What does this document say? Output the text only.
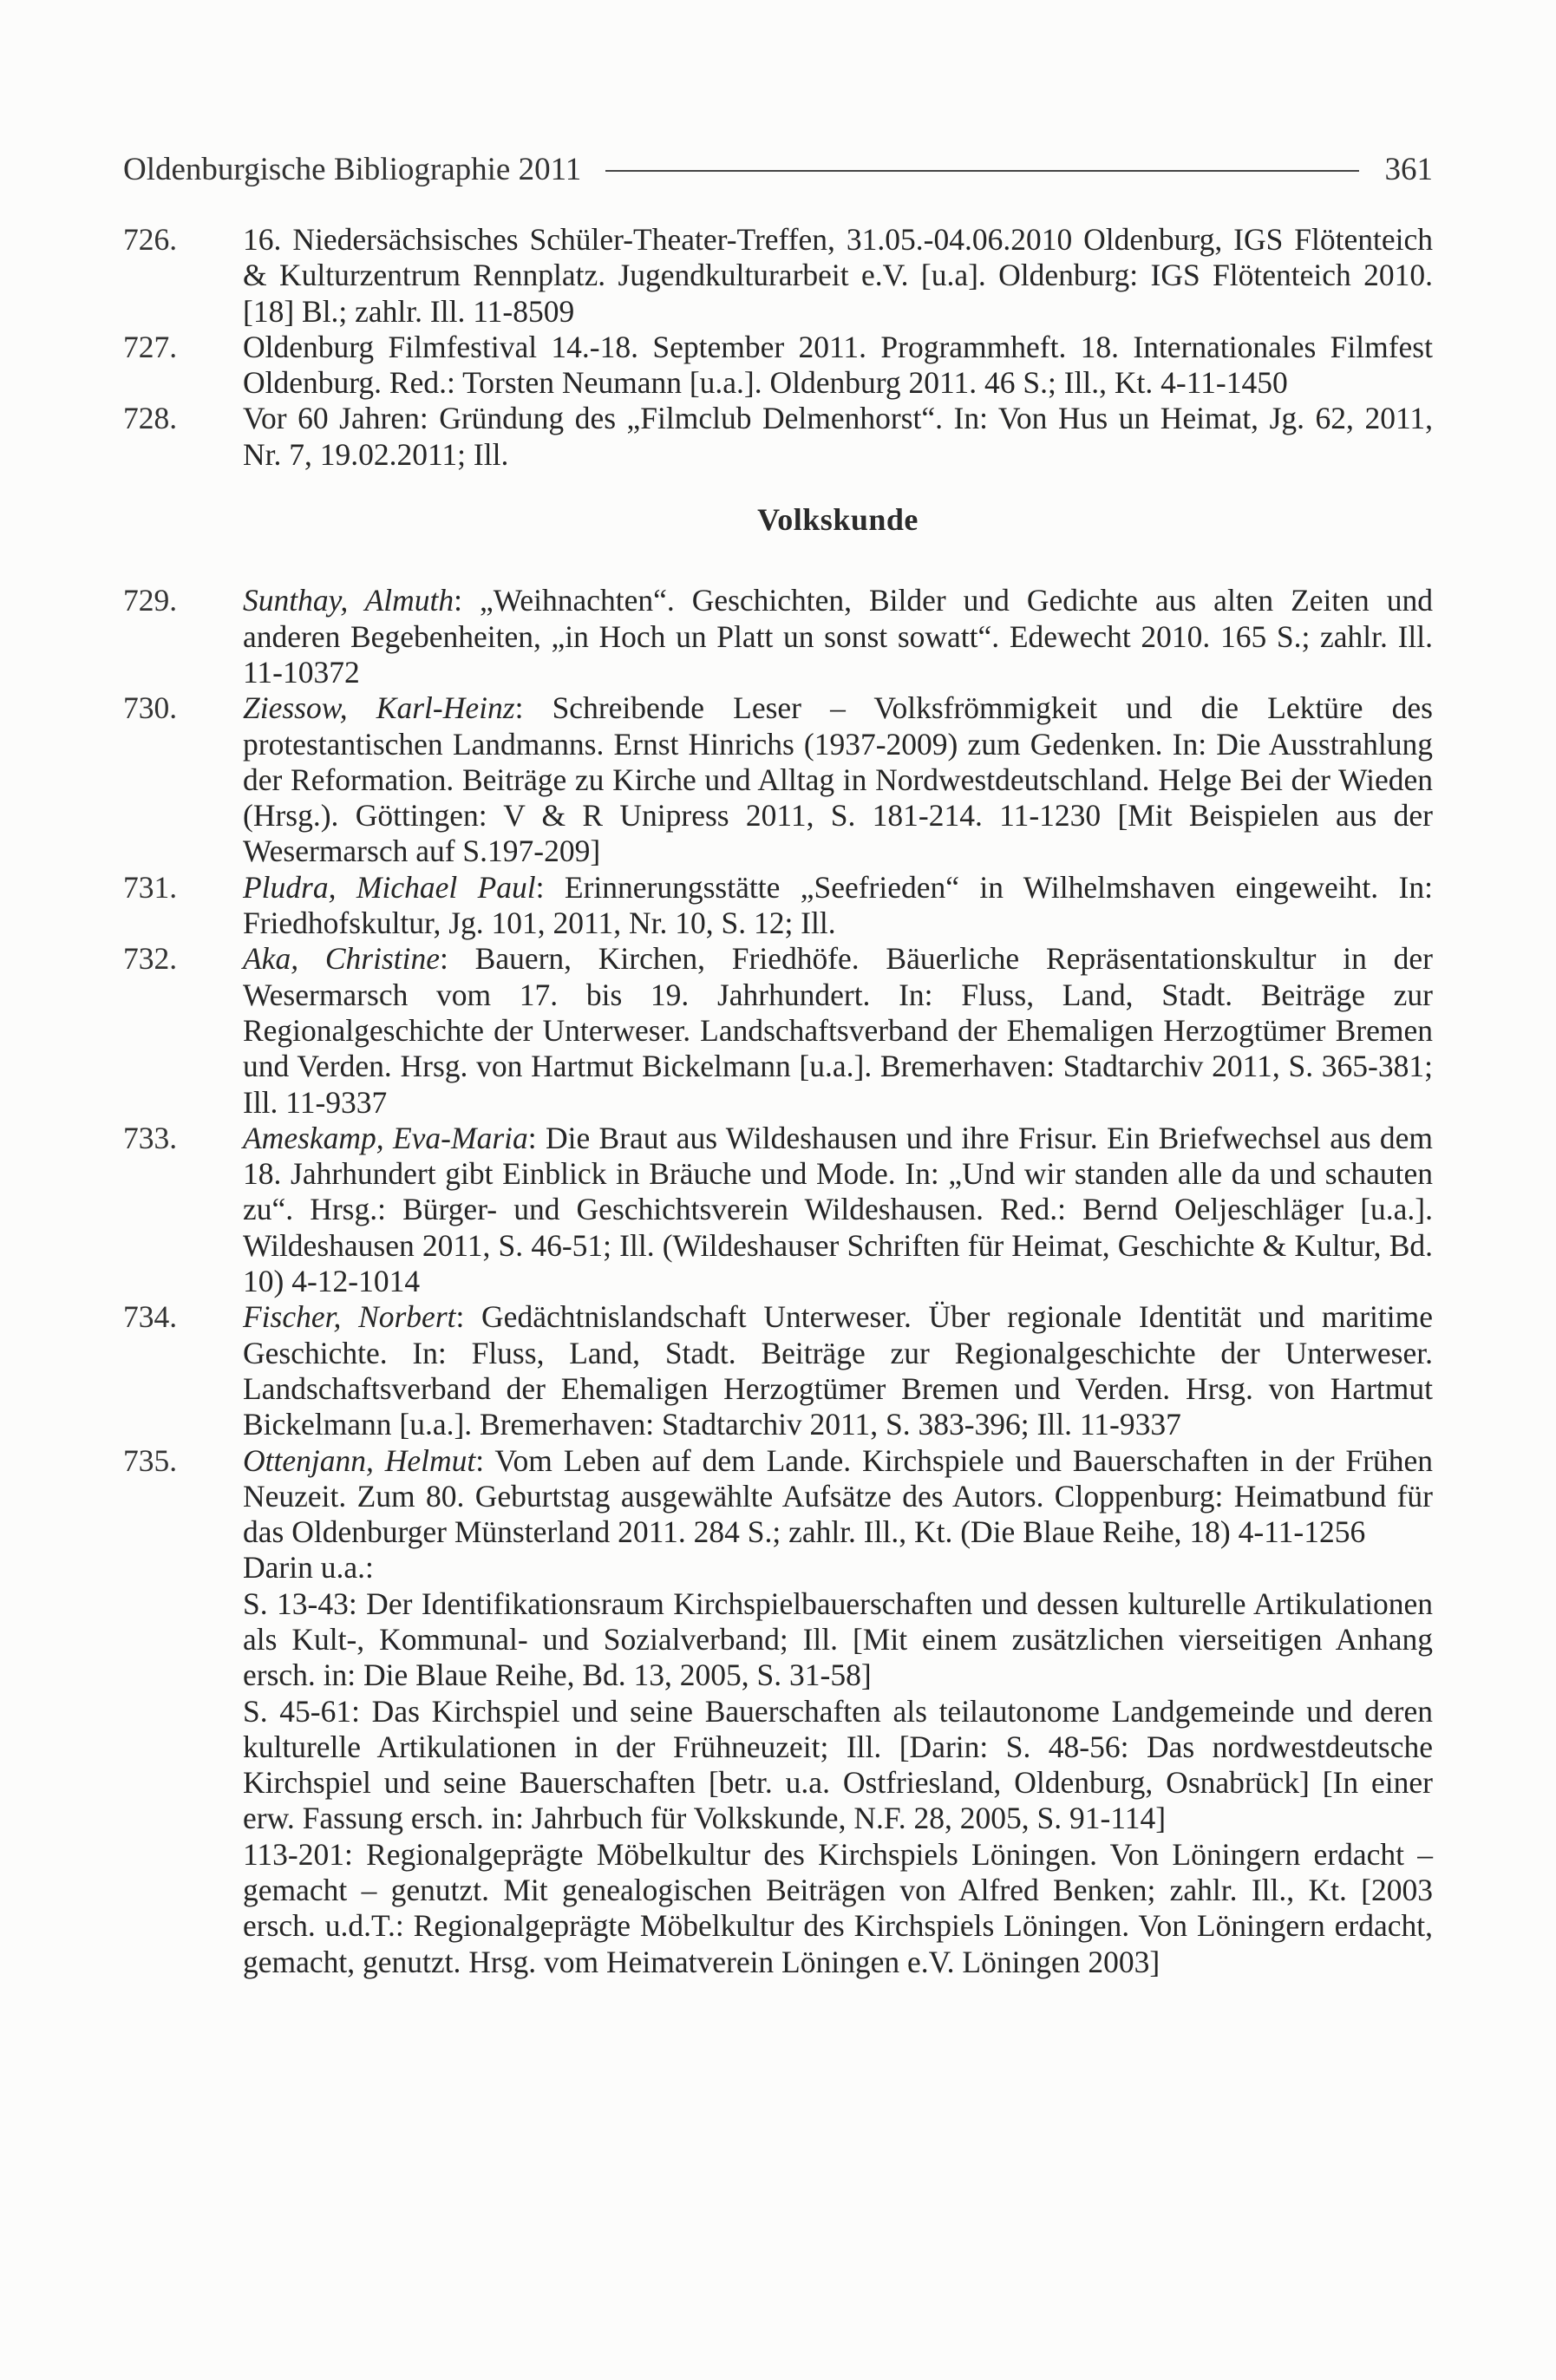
Oldenburgische Bibliographie 2011	361
726.	16. Niedersächsisches Schüler-Theater-Treffen, 31.05.-04.06.2010 Oldenburg, IGS Flötenteich & Kulturzentrum Rennplatz. Jugendkulturarbeit e.V. [u.a]. Oldenburg: IGS Flötenteich 2010. [18] Bl.; zahlr. Ill. 11-8509
727.	Oldenburg Filmfestival 14.-18. September 2011. Programmheft. 18. Internationales Filmfest Oldenburg. Red.: Torsten Neumann [u.a.]. Oldenburg 2011. 46 S.; Ill., Kt. 4-11-1450
728.	Vor 60 Jahren: Gründung des „Filmclub Delmenhorst“. In: Von Hus un Heimat, Jg. 62, 2011, Nr. 7, 19.02.2011; Ill.
Volkskunde
729.	Sunthay, Almuth: „Weihnachten“. Geschichten, Bilder und Gedichte aus alten Zeiten und anderen Begebenheiten, „in Hoch un Platt un sonst sowatt“. Edewecht 2010. 165 S.; zahlr. Ill. 11-10372
730.	Ziessow, Karl-Heinz: Schreibende Leser – Volksfrömmigkeit und die Lektüre des protestantischen Landmanns. Ernst Hinrichs (1937-2009) zum Gedenken. In: Die Ausstrahlung der Reformation. Beiträge zu Kirche und Alltag in Nordwestdeutschland. Helge Bei der Wieden (Hrsg.). Göttingen: V & R Unipress 2011, S. 181-214. 11-1230 [Mit Beispielen aus der Wesermarsch auf S.197-209]
731.	Pludra, Michael Paul: Erinnerungsstätte „Seefrieden“ in Wilhelmshaven eingeweiht. In: Friedhofskultur, Jg. 101, 2011, Nr. 10, S. 12; Ill.
732.	Aka, Christine: Bauern, Kirchen, Friedhöfe. Bäuerliche Repräsentationskultur in der Wesermarsch vom 17. bis 19. Jahrhundert. In: Fluss, Land, Stadt. Beiträge zur Regionalgeschichte der Unterweser. Landschaftsverband der Ehemaligen Herzogtümer Bremen und Verden. Hrsg. von Hartmut Bickelmann [u.a.]. Bremerhaven: Stadtarchiv 2011, S. 365-381; Ill. 11-9337
733.	Ameskamp, Eva-Maria: Die Braut aus Wildeshausen und ihre Frisur. Ein Briefwechsel aus dem 18. Jahrhundert gibt Einblick in Bräuche und Mode. In: „Und wir standen alle da und schauten zu“. Hrsg.: Bürger- und Geschichtsverein Wildeshausen. Red.: Bernd Oeljeschläger [u.a.]. Wildeshausen 2011, S. 46-51; Ill. (Wildeshauser Schriften für Heimat, Geschichte & Kultur, Bd. 10) 4-12-1014
734.	Fischer, Norbert: Gedächtnislandschaft Unterweser. Über regionale Identität und maritime Geschichte. In: Fluss, Land, Stadt. Beiträge zur Regionalgeschichte der Unterweser. Landschaftsverband der Ehemaligen Herzogtümer Bremen und Verden. Hrsg. von Hartmut Bickelmann [u.a.]. Bremerhaven: Stadtarchiv 2011, S. 383-396; Ill. 11-9337
735.	Ottenjann, Helmut: Vom Leben auf dem Lande. Kirchspiele und Bauerschaften in der Frühen Neuzeit. Zum 80. Geburtstag ausgewählte Aufsätze des Autors. Cloppenburg: Heimatbund für das Oldenburger Münsterland 2011. 284 S.; zahlr. Ill., Kt. (Die Blaue Reihe, 18) 4-11-1256
Darin u.a.:
S. 13-43: Der Identifikationsraum Kirchspielbauerschaften und dessen kulturelle Artikulationen als Kult-, Kommunal- und Sozialverband; Ill. [Mit einem zusätzlichen vierseitigen Anhang ersch. in: Die Blaue Reihe, Bd. 13, 2005, S. 31-58]
S. 45-61: Das Kirchspiel und seine Bauerschaften als teilautonome Landgemeinde und deren kulturelle Artikulationen in der Frühneuzeit; Ill. [Darin: S. 48-56: Das nordwestdeutsche Kirchspiel und seine Bauerschaften [betr. u.a. Ostfriesland, Oldenburg, Osnabrück] [In einer erw. Fassung ersch. in: Jahrbuch für Volkskunde, N.F. 28, 2005, S. 91-114]
113-201: Regionalgeprägte Möbelkultur des Kirchspiels Löningen. Von Löningern erdacht – gemacht – genutzt. Mit genealogischen Beiträgen von Alfred Benken; zahlr. Ill., Kt. [2003 ersch. u.d.T.: Regionalgeprägte Möbelkultur des Kirchspiels Löningen. Von Löningern erdacht, gemacht, genutzt. Hrsg. vom Heimatverein Löningen e.V. Löningen 2003]
